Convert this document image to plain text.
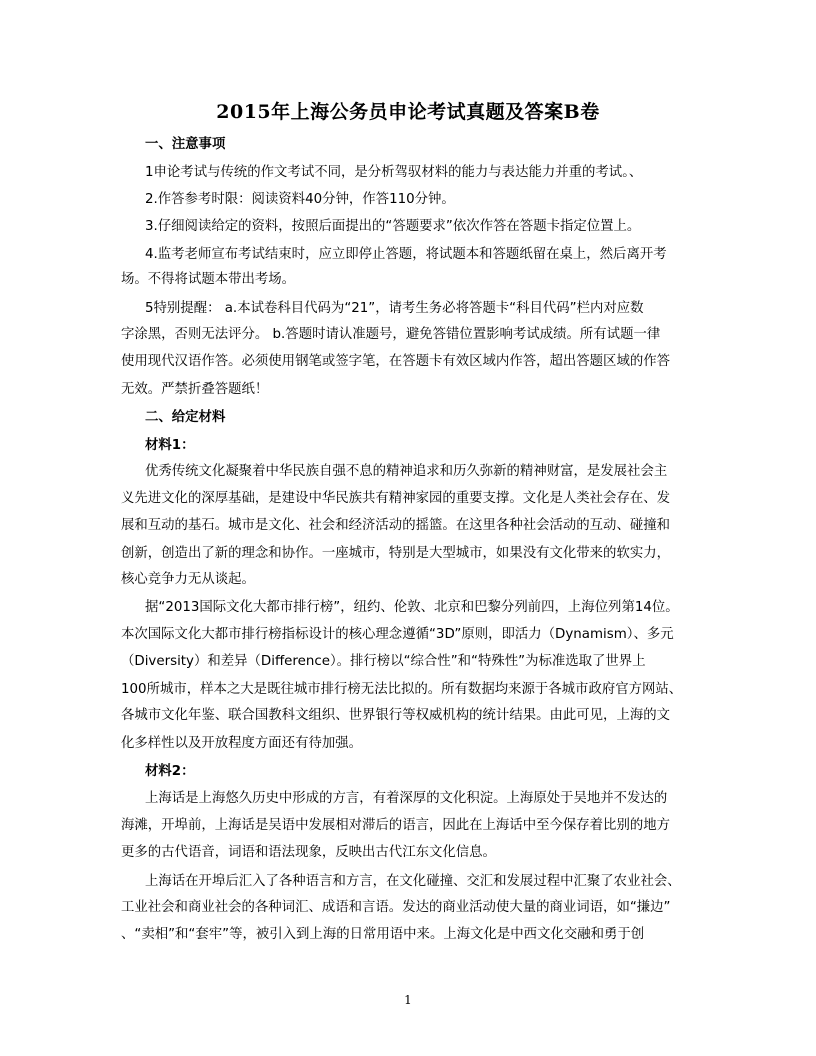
2015年上海公务员申论考试真题及答案B卷
一、注意事项
1申论考试与传统的作文考试不同，是分析驾驭材料的能力与表达能力并重的考试。、
2.作答参考时限：阅读资料40分钟，作答110分钟。
3.仔细阅读给定的资料，按照后面提出的“答题要求”依次作答在答题卡指定位置上。
4.监考老师宣布考试结束时，应立即停止答题，将试题本和答题纸留在桌上，然后离开考
场。不得将试题本带出考场。
5特别提醒： a.本试卷科目代码为“21”，请考生务必将答题卡“科目代码”栏内对应数
字涂黑，否则无法评分。 b.答题时请认准题号，避免答错位置影响考试成绩。所有试题一律
使用现代汉语作答。必须使用钢笔或签字笔，在答题卡有效区域内作答，超出答题区域的作答
无效。严禁折叠答题纸！
二、给定材料
材料1：
优秀传统文化凝聚着中华民族自强不息的精神追求和历久弥新的精神财富，是发展社会主
义先进文化的深厚基础，是建设中华民族共有精神家园的重要支撑。文化是人类社会存在、发
展和互动的基石。城市是文化、社会和经济活动的摇篮。在这里各种社会活动的互动、碰撞和
创新，创造出了新的理念和协作。一座城市，特别是大型城市，如果没有文化带来的软实力，
核心竞争力无从谈起。
据“2013国际文化大都市排行榜”，纽约、伦敦、北京和巴黎分列前四，上海位列第14位。
本次国际文化大都市排行榜指标设计的核心理念遵循“3D”原则，即活力（Dynamism）、多元
（Diversity）和差异（Difference）。排行榜以“综合性”和“特殊性”为标准选取了世界上
100所城市，样本之大是既往城市排行榜无法比拟的。所有数据均来源于各城市政府官方网站、
各城市文化年鉴、联合国教科文组织、世界银行等权威机构的统计结果。由此可见，上海的文
化多样性以及开放程度方面还有待加强。
材料2：
上海话是上海悠久历史中形成的方言，有着深厚的文化积淀。上海原处于吴地并不发达的
海滩，开埠前，上海话是吴语中发展相对滞后的语言，因此在上海话中至今保存着比别的地方
更多的古代语音，词语和语法现象，反映出古代江东文化信息。
上海话在开埠后汇入了各种语言和方言，在文化碰撞、交汇和发展过程中汇聚了农业社会、
工业社会和商业社会的各种词汇、成语和言语。发达的商业活动使大量的商业词语，如“搛边”
、“卖相”和“套牢”等，被引入到上海的日常用语中来。上海文化是中西文化交融和勇于创
1
